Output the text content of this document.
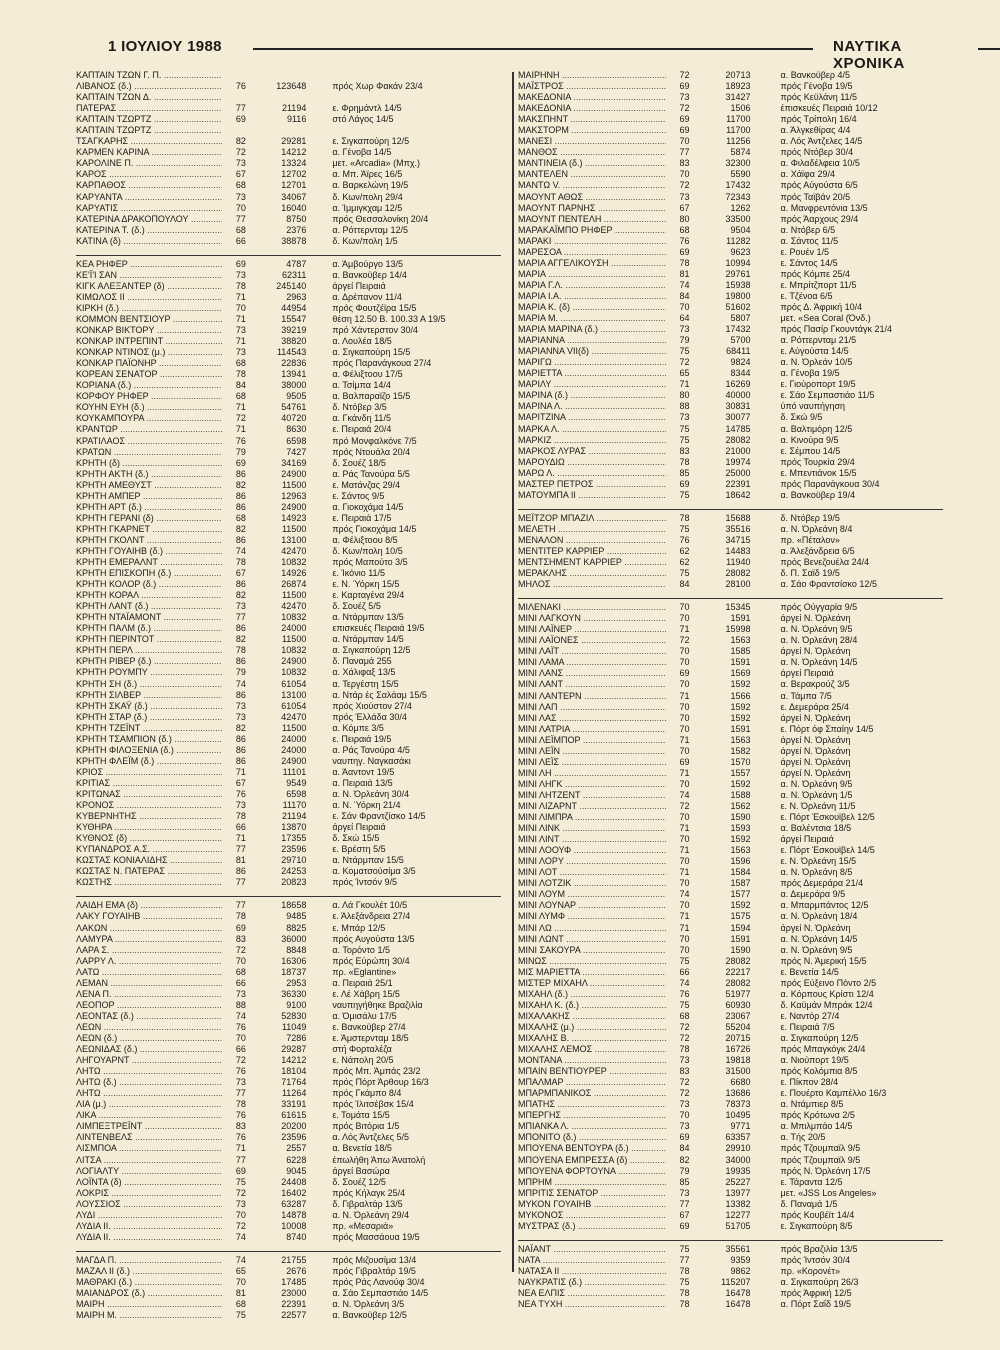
1 ΙΟΥΛΙΟΥ 1988	ΝΑΥΤΙΚΑ ΧΡΟΝΙΚΑ
ΚΑΠΤΑΙΝ ΤΖΩΝ Γ. Π. .....
ΛΙΒΑΝΟΣ (δ.) .....	76	123648	πρός Χωρ Φακάν 23/4
ΚΑΠΤΑΙΝ ΤΖΩΝ Δ. .....
ΠΑΤΕΡΑΣ .....	77	21194	ε. Φρημάντλ 14/5
ΚΑΠΤΑΙΝ ΤΖΩΡΤΖ .....	69	9116	στό Λάγος 14/5
ΚΑΠΤΑΙΝ ΤΖΩΡΤΖ .....
ΤΣΑΓΚΑΡΗΣ .....	82	29281	ε. Σιγκαπούρη 12/5
ΚΑΡΜΕΝ ΚΑΡΙΝΑ .....	72	14212	α. Γένοβα 14/5
ΚΑΡΟΛΙΝΕ Π. .....	73	13324	μετ. «Arcadia» (Μπχ.)
ΚΑΡΟΣ .....	67	12702	α. Μπ. Άϊρες 16/5
ΚΑΡΠΑΘΟΣ .....	68	12701	α. Βαρκελώνη 19/5
ΚΑΡΥΑΝΤΑ .....	73	34067	δ. Κων/πολη 29/4
ΚΑΡΥΑΤΙΣ .....	70	16040	α. Ίμμιγκχαμ 12/5
ΚΑΤΕΡΙΝΑ ΔΡΑΚΟΠΟΥΛΟΥ .....	77	8750	πρός Θεσσαλονίκη 20/4
ΚΑΤΕΡΙΝΑ Τ. (δ.) .....	68	2376	α. Ρόττερνταμ 12/5
ΚΑΤΙΝΑ (δ) .....	66	38878	δ. Κων/πολη 1/5
ΚΕΑ ΡΗΦΕΡ .....	69	4787	α. Άμβούργο 13/5
ΚΕ'Ϊ'Ι ΣΑΝ .....	73	62311	α. Βανκοϋβερ 14/4
ΚΙΓΚ ΑΛΕΞΑΝΤΕΡ (δ) .....	78	245140	άργεί Πειραιά
ΚΙΜΩΛΟΣ ΙΙ .....	71	2963	α. Δρέπανον 11/4
ΚΙΡΚΗ (δ.) .....	70	44954	πρός Φουτζέϊρα 15/5
ΚΟΜΜΟΝ ΒΕΝΤΣΙΟΥΡ .....	71	15547	θέση 12.50 Β. 100.33 Α 19/5
ΚΟΝΚΑΡ ΒΙΚΤΟΡΥ .....	73	39219	πρό Χάντερστον 30/4
ΚΟΝΚΑΡ ΙΝΤΡΕΠΙΝΤ .....	71	38820	α. Λουλέα 18/5
ΚΟΝΚΑΡ ΝΤΙΝΟΣ (μ.) .....	73	114543	α. Σιγκαπούρη 15/5
ΚΟΝΚΑΡ ΠΑΪΟΝΗΡ .....	68	22836	πρός Παρανάγκουα 27/4
ΚΟΡΕΑΝ ΣΕΝΑΤΟΡ .....	78	13941	α. Φέλιξτοου 17/5
ΚΟΡΙΑΝΑ (δ.) .....	84	38000	α. Τσίμπα 14/4
ΚΟΡΦΟΥ ΡΗΦΕΡ .....	68	9505	α. Βαλπαραϊζο 15/5
ΚΟΥΗΝ ΕΥΗ (δ.) .....	71	54761	δ. Ντόβερ 3/5
ΚΟΥΚΑΜΠΟΥΡΑ .....	72	40720	α. Γκάνδη 11/5
ΚΡΑΝΤΩΡ .....	71	8630	ε. Πειραιά 20/4
ΚΡΑΤΙΛΑΟΣ .....	76	6598	πρό Μονφαλκόνε 7/5
ΚΡΑΤΩΝ .....	79	7427	πρός Ντουάλα 20/4
ΚΡΗΤΗ (δ) .....	69	34169	δ. Σουέζ 18/5
ΚΡΗΤΗ ΑΚΤΗ (δ.) .....	86	24900	α. Ράς Τανούρα 5/5
ΚΡΗΤΗ ΑΜΕΘΥΣΤ .....	82	11500	ε. Ματάνζας 29/4
ΚΡΗΤΗ ΑΜΠΕΡ .....	86	12963	ε. Σάντος 9/5
ΚΡΗΤΗ ΑΡΤ (δ.) .....	86	24900	α. Γιοκοχάμα 14/5
ΚΡΗΤΗ ΓΕΡΑΝΙ (δ) .....	68	14923	ε. Πειραιά 17/5
ΚΡΗΤΗ ΓΚΑΡΝΕΤ .....	82	11500	πρός Γιοκοχάμα 14/5
ΚΡΗΤΗ ΓΚΟΛΝΤ .....	86	13100	α. Φέλιξτοου 8/5
ΚΡΗΤΗ ΓΟΥΑΙΗΒ (δ.) .....	74	42470	δ. Κων/πολη 10/5
ΚΡΗΤΗ ΕΜΕΡΑΛΝΤ .....	78	10832	πρός Μαπούτο 3/5
ΚΡΗΤΗ ΕΠΙΣΚΟΠΗ (δ.) .....	67	14926	ε. Ίκόνιο 11/5
ΚΡΗΤΗ ΚΟΛΟΡ (δ.) .....	86	26874	ε. Ν. Ύόρκη 15/5
ΚΡΗΤΗ ΚΟΡΑΛ .....	82	11500	ε. Καρταγένα 29/4
ΚΡΗΤΗ ΛΑΝΤ (δ.) .....	73	42470	δ. Σουέζ 5/5
ΚΡΗΤΗ ΝΤΑΪΑΜΟΝΤ .....	77	10832	α. Ντάρμπαν 13/5
ΚΡΗΤΗ ΠΑΛΜ (δ.) .....	86	24000	επισκευές Πειραιά 19/5
ΚΡΗΤΗ ΠΕΡΙΝΤΟΤ .....	82	11500	α. Ντάρμπαν 14/5
ΚΡΗΤΗ ΠΕΡΛ .....	78	10832	α. Σιγκαπούρη 12/5
ΚΡΗΤΗ ΡΙΒΕΡ (δ.) .....	86	24900	δ. Παναμά 255
ΚΡΗΤΗ ΡΟΥΜΠΥ .....	79	10832	α. Χάλιφαξ 13/5
ΚΡΗΤΗ ΣΗ (δ.) .....	74	61054	α. Τεργέστη 15/5
ΚΡΗΤΗ ΣΙΛΒΕΡ .....	86	13100	α. Ντάρ ές Σαλάαμ 15/5
ΚΡΗΤΗ ΣΚΑΫ (δ.) .....	73	61054	πρός Χιούστον 27/4
ΚΡΗΤΗ ΣΤΑΡ (δ.) .....	73	42470	πρός Έλλάδα 30/4
ΚΡΗΤΗ ΤΖΕΪΝΤ .....	82	11500	α. Κόμπε 3/5
ΚΡΗΤΗ ΤΣΑΜΠΙΟΝ (δ.) .....	86	24000	ε. Πειραιά 19/5
ΚΡΗΤΗ ΦΙΛΟΞΕΝΙΑ (δ.) .....	86	24000	α. Ράς Τανούρα 4/5
ΚΡΗΤΗ ΦΛΕΪΜ (δ.) .....	86	24900	ναυπηγ. Ναγκασάκι
ΚΡΙΟΣ .....	71	11101	α. Άαντοντ 19/5
ΚΡΙΤΙΑΣ .....	67	9549	α. Πειραιά 13/5
ΚΡΙΤΩΝΑΣ .....	76	6598	α. Ν. Όρλεάνη 30/4
ΚΡΟΝΟΣ .....	73	11170	α. Ν. Ύόρκη 21/4
ΚΥΒΕΡΝΗΤΗΣ .....	78	21194	ε. Σάν Φραντζίσκο 14/5
ΚΥΘΗΡΑ .....	66	13870	άργεί Πειραιά
ΚΥΘΝΟΣ (δ) .....	71	17355	δ. Σκώ 15/5
ΚΥΠΑΝΔΡΟΣ Α.Σ. .....	77	23596	ε. Βρέστη 5/5
ΚΩΣΤΑΣ ΚΟΝΙΑΛΙΔΗΣ .....	81	29710	α. Ντάρμπαν 15/5
ΚΩΣΤΑΣ Ν. ΠΑΤΕΡΑΣ .....	86	24253	α. Κοματσούσίμα 3/5
ΚΩΣΤΗΣ .....	77	20823	πρός Ίντσόν 9/5
ΛΑΙΔΗ ΕΜΑ (δ) .....	77	18658	α. Λά Γκουλέτ 10/5
ΛΑΚΥ ΓΟΥΑΙΗΒ .....	78	9485	ε. Άλεξάνδρεια 27/4
ΛΑΚΩΝ .....	69	8825	ε. Μπάρ 12/5
ΛΑΜΥΡΑ .....	83	36000	πρός Αυγούστα 13/5
ΛΑΡΑ Σ. .....	72	8848	α. Τορόντο 1/5
ΛΑΡΡΥ Λ. .....	70	16306	πρός Εύρώπη 30/4
ΛΑΤΩ .....	68	18737	πρ. «Eglantine»
ΛΕΜΑΝ .....	66	2953	α. Πειραιά 25/1
ΛΕΝΑ Π. .....	73	36330	ε. Λέ Χάβρη 15/5
ΛΕΟΠΟΡ .....	88	9100	ναυπηγήθηκε Βραζιλία
ΛΕΟΝΤΑΣ (δ.) .....	74	52830	α. Όμισάλυ 17/5
ΛΕΩΝ .....	76	11049	ε. Βανκοϋβερ 27/4
ΛΕΩΝ (δ.) .....	70	7286	ε. Άμστερνταμ 18/5
ΛΕΩΝΙΔΑΣ (δ.) .....	66	29287	στή Φορταλέζα
ΛΗΓΟΥΑΡΝΤ .....	72	14212	ε. Νάπολη 20/5
ΛΗΤΩ .....	76	18104	πρός Μπ. Άμπάς 23/2
ΛΗΤΩ (δ.) .....	73	71764	πρός Πόρτ Άρθουρ 16/3
ΛΗΤΩ .....	77	11264	πρός Γκάμπο 8/4
ΛΙΑ (μ.) .....	78	33191	πρός Ίλιτσέβσκ 15/4
ΛΙΚΑ .....	76	61615	ε. Τομάτα 15/5
ΛΙΜΠΕΞΤΡΕΪΝΤ .....	83	20200	πρός Βιτόρια 1/5
ΛΙΝΤΕΝΒΕΛΣ .....	76	23596	α. Λός Άντζελες 5/5
ΛΙΣΜΠΟΑ .....	71	2557	α. Βενετία 18/5
ΛΙΤΣΑ .....	77	6228	έπωλήθη Άπω Άνατολή
ΛΟΓΙΑΛΤΥ .....	69	9045	άργεί Βασώρα
ΛΟΪΝΤΑ (δ) .....	75	24408	δ. Σουέζ 12/5
ΛΟΚΡΙΣ .....	72	16402	πρός Κήλαγκ 25/4
ΛΟΥΣΣΙΟΣ .....	73	63287	δ. Γιβραλτάρ 13/5
ΛΥΔΙ .....	70	14878	α. Ν. Όρλεάνη 29/4
ΛΥΔΙΑ ΙΙ. .....	72	10008	πρ. «Μεσαριά»
ΛΥΔΙΑ ΙΙ. .....	74	8740	πρός Μασσάουα 19/5
ΜΑΓΔΑ Π. .....	74	21755	πρός Μιζουσίμα 13/4
ΜΑΖΑΛ ΙΙ (δ.) .....	65	2676	πρός Γιβραλτάρ 19/5
ΜΑΘΡΑΚΙ (δ.) .....	70	17485	πρός Ράς Λανούφ 30/4
ΜΑΙΑΝΔΡΟΣ (δ.) .....	81	23000	α. Σάο Σεμπαστιάο 14/5
ΜΑΙΡΗ .....	68	22391	α. Ν. Όρλεάνη 3/5
ΜΑΙΡΗ Μ. .....	75	22577	α. Βανκοϋβερ 12/5
ΜΑΙΡΗΝΗ .....	72	20713	α. Βανκοϋβερ 4/5
ΜΑΪΣΤΡΟΣ .....	69	18923	πρός Γένοβα 19/5
ΜΑΚΕΔΟΝΙΑ .....	73	31427	πρός Κεϋλάνη 11/5
ΜΑΚΕΔΟΝΙΑ .....	72	1506	έπισκευές Πειραιά 10/12
ΜΑΚΣΠΗΝΤ .....	69	11700	πρός Τρίπολη 16/4
ΜΑΚΣΤΟΡΜ .....	69	11700	α. Άλγκεθίρας 4/4
ΜΑΝΕΣΙ .....	70	11256	α. Λός Άντζελες 14/5
ΜΑΝΘΟΣ .....	77	5874	πρός Ντόβερ 30/4
ΜΑΝΤΙΝΕΙΑ (δ.) .....	83	32300	α. Φιλαδέλφεια 10/5
ΜΑΝΤΕΛΕΝ .....	70	5590	α. Χάϊφα 29/4
ΜΑΝΤΩ V. .....	72	17432	πρός Αύγούστα 6/5
ΜΑΟΥΝΤ ΑΘΩΣ .....	73	72343	πρός Ταϊβάν 20/5
ΜΑΟΥΝΤ ΠΑΡΝΗΣ .....	67	1262	α. Μανφρεντόνια 13/5
ΜΑΟΥΝΤ ΠΕΝΤΕΛΗ .....	80	33500	πρός Άαρχους 29/4
ΜΑΡΑΚΑΪΜΠΟ ΡΗΦΕΡ .....	68	9504	α. Ντόβερ 6/5
ΜΑΡΑΚΙ .....	76	11282	α. Σάντος 11/5
ΜΑΡΕΣΟΑ .....	69	9623	ε. Ρουέν 1/5
ΜΑΡΙΑ ΑΓΓΕΛΙΚΟΥΣΗ .....	78	10994	ε. Σάντος 14/5
ΜΑΡΙΑ .....	81	29761	πρός Κόμπε 25/4
ΜΑΡΙΑ Γ.Λ. .....	74	15938	ε. Μπρίτζπορτ 11/5
ΜΑΡΙΑ Ι.Α. .....	84	19800	ε. Τζένοα 6/5
ΜΑΡΙΑ Κ. (δ) .....	70	51602	πρός Δ. Άφρική 10/4
ΜΑΡΙΑ Μ. .....	64	5807	μετ. «Sea Coral (Όνδ.)
ΜΑΡΙΑ ΜΑΡΙΝΑ (δ.) .....	73	17432	πρός Πασίρ Γκουντάγκ 21/4
ΜΑΡΙΑΝΝΑ .....	79	5700	α. Ρόττερνταμ 21/5
ΜΑΡΙΑΝΝΑ VII(δ) .....	75	68411	ε. Αύγούστα 14/5
ΜΑΡΙΓΩ .....	72	9824	α. Ν. Όρλεάν 10/5
ΜΑΡΙΕΤΤΑ .....	65	8344	α. Γένοβα 19/5
ΜΑΡΙΛΥ .....	71	16269	ε. Γιούροπορτ 19/5
ΜΑΡΙΝΑ (δ.) .....	80	40000	ε. Σάο Σεμπαστιάο 11/5
ΜΑΡΙΝΑ Λ. .....	88	30831	ύπό ναυπήγηση
ΜΑΡΙΤΖΙΝΑ .....	73	30077	δ. Σκώ 9/5
ΜΑΡΚΑ Λ. .....	75	14785	α. Βαλτιμόρη 12/5
ΜΑΡΚΙΖ .....	75	28082	α. Κινούρα 9/5
ΜΑΡΚΟΣ ΛΥΡΑΣ .....	83	21000	ε. Σέμπου 14/5
ΜΑΡΟΥΔΙΩ .....	78	19974	πρός Τουρκία 29/4
ΜΑΡΩ Λ. .....	85	25000	ε. Μπεντιάνοκ 15/5
ΜΑΣΤΕΡ ΠΕΤΡΟΣ .....	69	22391	πρός Παρανάγκουα 30/4
ΜΑΤΟΥΜΠΑ ΙΙ .....	75	18642	α. Βανκοϋβερ 19/4
ΜΕΪΤΖΟΡ ΜΠΑΖΙΛ .....	78	15688	δ. Ντόβερ 19/5
ΜΕΛΕΤΗ .....	75	35516	α. Ν. Όρλεάνη 8/4
ΜΕΝΑΛΟΝ .....	76	34715	πρ. «Πέταλον»
ΜΕΝΤΙΤΕΡ ΚΑΡΡΙΕΡ .....	62	14483	α. Άλεξάνδρεια 6/5
ΜΕΝΤΣΗΜΕΝΤ ΚΑΡΡΙΕΡ .....	62	11940	πρός Βενεζουέλα 24/4
ΜΕΡΑΚΛΗΣ .....	75	28082	δ. Π. Σαϊδ 19/5
ΜΗΛΟΣ .....	84	28100	α. Σάο Φραντσίσκο 12/5
ΜΙΛΕΝΑΚΙ .....	70	15345	πρός Ούγγαρία 9/5
ΜΙΝΙ ΛΑΓΚΟΥΝ .....	70	1591	άργεί Ν. Όρλεάνη
ΜΙΝΙ ΛΑΪΝΕΡ .....	71	15998	α. Ν. Όρλεάνη 9/5
ΜΙΝΙ ΛΑΪΟΝΕΣ .....	72	1563	α. Ν. Όρλεάνη 28/4
ΜΙΝΙ ΛΑΪΤ .....	70	1585	άργεί Ν. Όρλεάνη
ΜΙΝΙ ΛΑΜΑ .....	70	1591	α. Ν. Όρλεάνη 14/5
ΜΙΝΙ ΛΑΝΣ .....	69	1569	άργεί Πειραιά
ΜΙΝΙ ΛΑΝΤ .....	70	1592	α. Βερακρούζ 3/5
ΜΙΝΙ ΛΑΝΤΕΡΝ .....	71	1566	α. Τάμπα 7/5
ΜΙΝΙ ΛΑΠ .....	70	1592	ε. Δεμεράρα 25/4
ΜΙΝΙ ΛΑΣ .....	70	1592	άργεί Ν. Όρλεάνη
ΜΙΝΙ ΛΑΤΡΙΑ .....	70	1591	ε. Πόρτ όφ Σπαίην 14/5
ΜΙΝΙ ΛΕΪΜΠΟΡ .....	71	1563	άργεί Ν. Όρλεάνη
ΜΙΝΙ ΛΕΪΝ .....	70	1582	άργεί Ν. Όρλεάνη
ΜΙΝΙ ΛΕΪΣ .....	69	1570	άργεί Ν. Όρλεάνη
ΜΙΝΙ ΛΗ .....	71	1557	άργεί Ν. Όρλεάνη
ΜΙΝΙ ΛΗΓΚ .....	70	1592	α. Ν. Όρλεάνη 9/5
ΜΙΝΙ ΛΗΤΖΕΝΤ .....	74	1588	α. Ν. Όρλεάνη 1/5
ΜΙΝΙ ΛΙΖΑΡΝΤ .....	72	1562	ε. Ν. Όρλεάνη 11/5
ΜΙΝΙ ΛΙΜΠΡΑ .....	70	1590	ε. Πόρτ Έσκουϊβελ 12/5
ΜΙΝΙ ΛΙΝΚ .....	71	1593	α. Βαλέντσια 18/5
ΜΙΝΙ ΛΙΝΤ .....	70	1592	άργεί Πειραιά
ΜΙΝΙ ΛΟΟΥΦ .....	71	1563	ε. Πόρτ Έσκουϊβελ 14/5
ΜΙΝΙ ΛΟΡΥ .....	70	1596	ε. Ν. Όρλεάνη 15/5
ΜΙΝΙ ΛΟΤ .....	71	1584	α. Ν. Όρλεάνη 8/5
ΜΙΝΙ ΛΟΤΖΙΚ .....	70	1587	πρός Δεμεράρα 21/4
ΜΙΝΙ ΛΟΥΜ .....	74	1577	α. Δεμεράρα 9/5
ΜΙΝΙ ΛΟΥΝΑΡ .....	70	1592	α. Μπαρμπάντος 12/5
ΜΙΝΙ ΛΥΜΦ .....	71	1575	α. Ν. Όρλεάνη 18/4
ΜΙΝΙ ΛΩ .....	71	1594	άργεί Ν. Όρλεάνη
ΜΙΝΙ ΛΩΝΤ .....	70	1591	α. Ν. Όρλεάνη 14/5
ΜΙΝΙ ΣΑΚΟΥΡΑ .....	70	1590	α. Ν. Όρλεάνη 9/5
ΜΙΝΩΣ .....	75	28082	πρός Ν. Άμερική 15/5
ΜΙΣ ΜΑΡΙΕΤΤΑ .....	66	22217	ε. Βενετία 14/5
ΜΙΣΤΕΡ ΜΙΧΑΗΛ .....	74	28082	πρός Εύξεινο Πόντο 2/5
ΜΙΧΑΗΛ (δ.) .....	76	51977	α. Κόρπους Κρίστι 12/4
ΜΙΧΑΗΛ Κ. (δ.) .....	75	60930	δ. Καϋμάν Μπράκ 12/4
ΜΙΧΑΛΑΚΗΣ .....	68	23067	ε. Ναντόρ 27/4
ΜΙΧΑΛΗΣ (μ.) .....	72	55204	ε. Πειραιά 7/5
ΜΙΧΑΛΗΣ Β. .....	72	20715	α. Σιγκαπούρη 12/5
ΜΙΧΑΛΗΣ ΛΕΜΟΣ .....	78	16726	πρός Μπαγκόγκ 24/4
ΜΟΝΤΑΝΑ .....	73	19818	α. Νιούπορτ 19/5
ΜΠΑΙΝ ΒΕΝΤΙΟΥΡΕΡ .....	83	31500	πρός Κολόμπια 8/5
ΜΠΑΛΜΑΡ .....	72	6680	ε. Πίκπον 28/4
ΜΠΑΡΜΠΑΝΙΚΟΣ .....	72	13686	ε. Πουέρτο Καμπέλλο 16/3
ΜΠΑΤΗΣ .....	73	78373	α. Ντάμπιερ 8/5
ΜΠΕΡΓΗΣ .....	70	10495	πρός Κρότωνα 2/5
ΜΠΙΑΝΚΑ Λ. .....	73	9771	α. Μπιλμπάο 14/5
ΜΠΟΝΙΤΟ (δ.) .....	69	63357	α. Τής 20/5
ΜΠΟΥΕΝΑ ΒΕΝΤΟΥΡΑ (δ.) .....	84	29910	πρός Τζουμπαϊλ 9/5
ΜΠΟΥΕΝΑ ΕΜΠΡΕΣΣΑ (δ) .....	82	34000	πρός Τζουμπαϊλ 9/5
ΜΠΟΥΕΝΑ ΦΟΡΤΟΥΝΑ .....	79	19935	πρός Ν. Όρλεάνη 17/5
ΜΠΡΗΜ .....	85	25227	ε. Τάραντα 12/5
ΜΠΡΙΤΙΣ ΣΕΝΑΤΟΡ .....	73	13977	μετ. «JSS Los Angeles»
ΜΥΚΟΝ ΓΟΥΑΙΗΒ .....	77	13382	δ. Παναμά 1/5
ΜΥΚΟΝΟΣ .....	67	12277	πρός Κουβέϊτ 14/4
ΜΥΣΤΡΑΣ (δ.) .....	69	51705	ε. Σιγκαπούρη 8/5
ΝΑΪΑΝΤ .....	75	35561	πρός Βραζιλία 13/5
ΝΑΤΑ .....	77	9359	πρός Ίντσόν 30/4
ΝΑΤΑΣΑ ΙΙ .....	78	9862	πρ. «Κορονέτ»
ΝΑΥΚΡΑΤΙΣ (δ.) .....	75	115207	α. Σιγκαπούρη 26/3
ΝΕΑ ΕΛΠΙΣ .....	78	16478	πρός Άφρική 12/5
ΝΕΑ ΤΥΧΗ .....	78	16478	α. Πόρτ Σαΐδ 19/5
